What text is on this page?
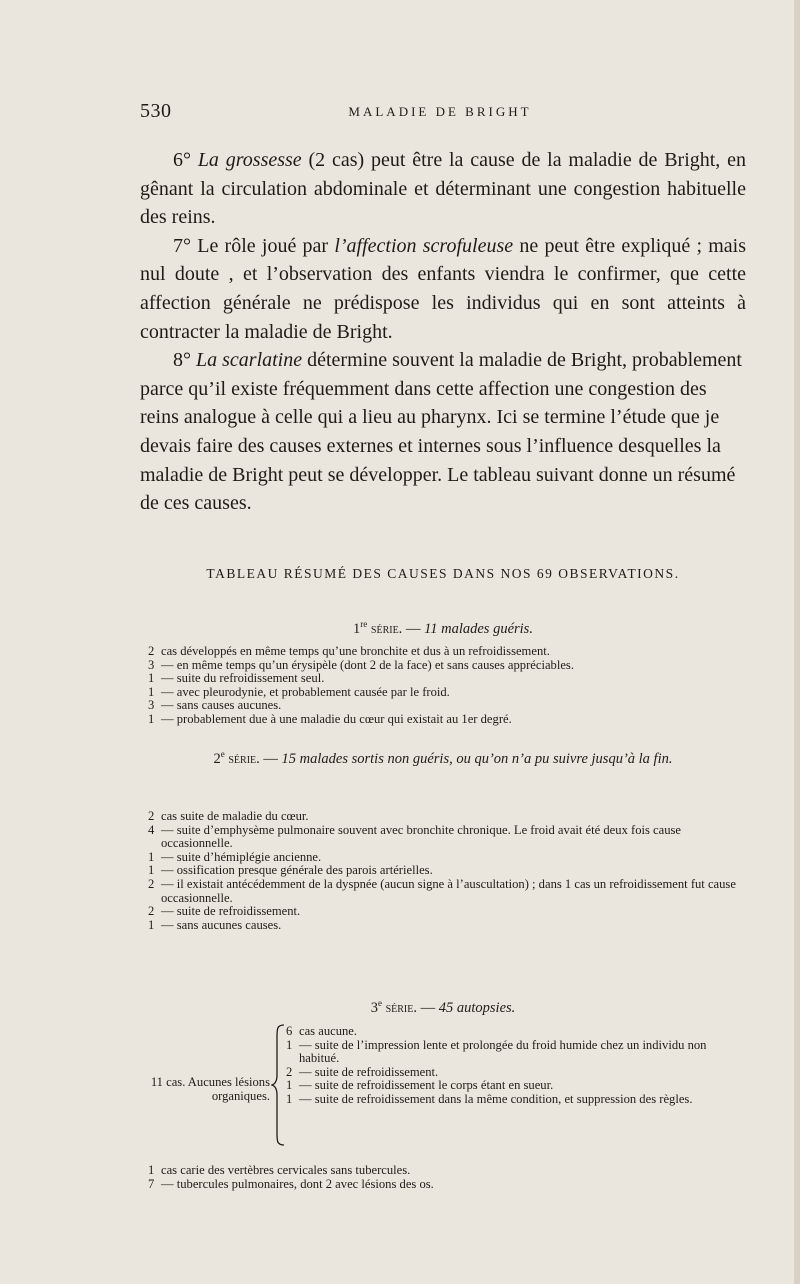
530	MALADIE DE BRIGHT

6° La grossesse (2 cas) peut être la cause de la maladie de Bright, en gênant la circulation abdominale et déterminant une congestion habituelle des reins.

7° Le rôle joué par l’affection scrofuleuse ne peut être expliqué ; mais nul doute , et l’observation des enfants viendra le confirmer, que cette affection générale ne prédispose les individus qui en sont atteints à contracter la maladie de Bright.

8° La scarlatine détermine souvent la maladie de Bright, probablement parce qu’il existe fréquemment dans cette affection une congestion des reins analogue à celle qui a lieu au pharynx. Ici se termine l’étude que je devais faire des causes externes et internes sous l’influence desquelles la maladie de Bright peut se développer. Le tableau suivant donne un résumé de ces causes.

TABLEAU RÉSUMÉ DES CAUSES DANS NOS 69 OBSERVATIONS.
1re série. — 11 malades guéris.
2 cas développés en même temps qu’une bronchite et dus à un refroidissement.
3 — en même temps qu’un érysipèle (dont 2 de la face) et sans causes appréciables.
1 — suite du refroidissement seul.
1 — avec pleurodynie, et probablement causée par le froid.
3 — sans causes aucunes.
1 — probablement due à une maladie du cœur qui existait au 1er degré.
2e série. — 15 malades sortis non guéris, ou qu’on n’a pu suivre jusqu’à la fin.
2 cas suite de maladie du cœur.
4 — suite d’emphysème pulmonaire souvent avec bronchite chronique. Le froid avait été deux fois cause occasionnelle.
1 — suite d’hémiplégie ancienne.
1 — ossification presque générale des parois artérielles.
2 — il existait antécédemment de la dyspnée (aucun signe à l’auscultation) ; dans 1 cas un refroidissement fut cause occasionnelle.
2 — suite de refroidissement.
1 — sans aucunes causes.
3e série. — 45 autopsies.
11 cas. Aucunes lésions organiques.
6 cas aucune.
1 — suite de l’impression lente et prolongée du froid humide chez un individu non habitué.
2 — suite de refroidissement.
1 — suite de refroidissement le corps étant en sueur.
1 — suite de refroidissement dans la même condition, et suppression des règles.
1 cas carie des vertèbres cervicales sans tubercules.
7 — tubercules pulmonaires, dont 2 avec lésions des os.
